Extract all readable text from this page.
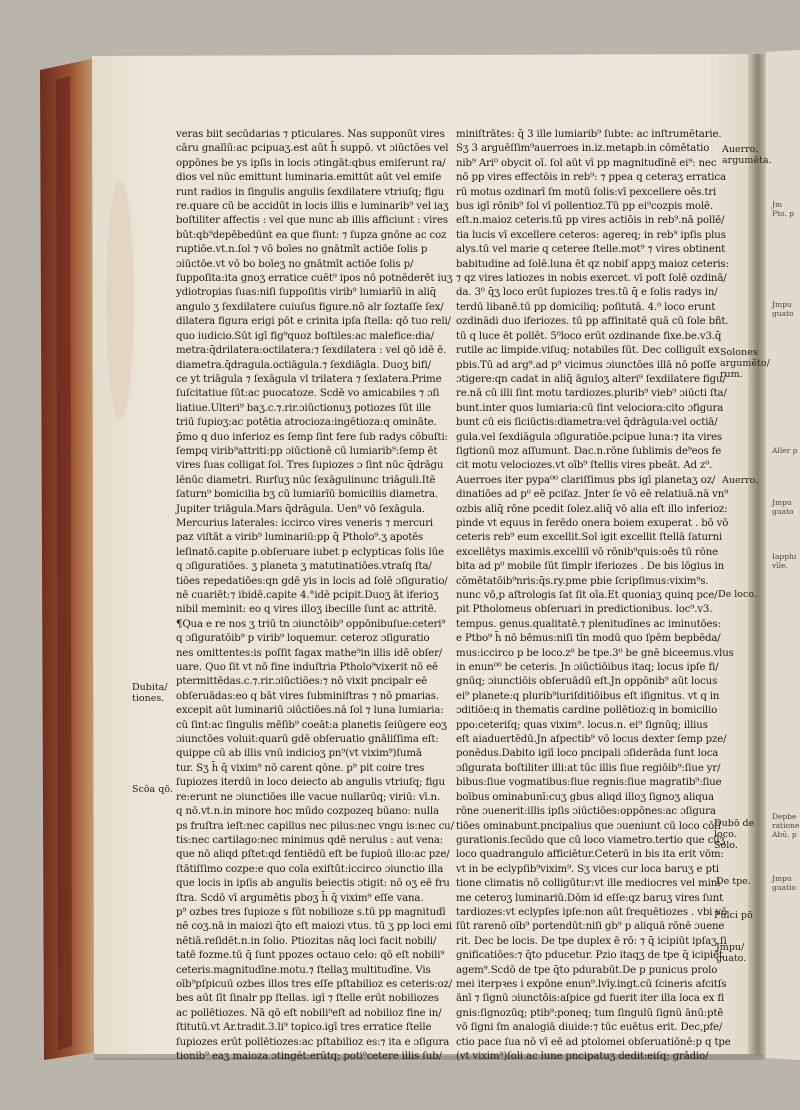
veras biit secūdarias ⁊ pticulares. Nas supponūt vires
cāru gnalīū:ac pcipuaʒ.est aūt h̄ suppō. vt ɔiūctōes vel
oppōnes be ys ipſis in locis ɔtingāt:qbus emiſerunt ra/
dios vel nūc emittunt luminaria.emittūt aūt vel emiſe
runt radios in ſingulis angulis ſexdilatere vtriuſq; figu
re.quare cū be accidūt in locis illis e luminarib⁹ vel iaʒ
boſtiliter affectis : vel que nunc ab illis afficiunt : vires
būt:qb⁹depēbedūnt ea que fiunt: ⁊ ſupza gnōne ac coz
ruptiōe.vt.n.ſol ⁊ vō boīes no gnātmīt actiōe ſolis p
ɔiūctōe.vt vō bo boīeʒ no gnātmīt actiōe ſolis p/
ſuppoſita:ita gnoʒ erratice cuēt⁹ ipos nō potnēderēt iuʒ
ydiotropias ſuas:niſi ſuppoſitis virib⁹ lumiarīū in aliq̄
angulo ʒ ſexdilatere cuiuſus figure.nō alr ſoztaſſe ſex/
dilatera figura erigi pōt e crinita ipſa ſtella: qō tuo reli/
quo iudicio.Sūt igī fig⁹quoz boſtiles:ac malefice:dia/
metra:q̄drilatera:octilatera:⁊ ſexdilatera : vel qō idē ē.
diametra.q̄dragula.octiāgula.⁊ ſexdiāgla. Duoʒ bifi/
ce yt triāgula ⁊ ſexāgula vl trilatera ⁊ ſexlatera.Prime
ſuſcitatiue ſūt:ac puocatoze. Scdē vo amicabiles ⁊ ɔſi
liatiue.Ulteri⁹ baʒ.c.⁊.rir.ɔiūctionuʒ potiozes ſūt ille
triū ſupioʒ:ac potētia atrocioza:ingētioza:q omināte.
p̄mo q duo inferioz es ſemp ſint fere ſub radys cōbuſti:
ſempq virib⁹attriti:pp ɔiūctionē cū lumiarib⁹:ſemp ēt
vires ſuas colligat ſol. Tres ſupiozes ɔ ſint nūc q̄drāgu
lēnūc diametri. Rurſuʒ nūc ſexāgulinunc triāguli.Itē
ſaturn⁹ bomicilia bʒ cū lumiarīū bomiciliis diametra.
Jupiter triāgula.Mars q̄drāgula. Uen⁹ vō ſexāgula.
Mercurius laterales: iccirco vires veneris ⁊ mercuri
paz viſtāt a virib⁹ luminariū:pp q̄ Ptholo⁹.ʒ apotēs
leſinatō.capite p.obſeruare iubet p eclypticas ſolis lūe
q ɔſiguratiōes. ʒ planeta ʒ matutinatiōes.vtraſq ſta/
tiōes repedatiōes:qn gdē yis in locis ad ſolē ɔſiguratio/
nē cuariēt:⁊ ibidē.capite 4.°idē pcipit.Duoʒ āt iferioʒ
nibil meminit: eo q vires illoʒ ibecille ſunt ac attritē.
¶Qua e re nos ʒ triū tn ɔiunctōib⁹ oppōnibuſue:ceteri⁹
q ɔſiguratōib⁹ p virib⁹ loquemur. ceteroz ɔſiguratio
nes omittentes:is poſſit fagax mathe⁹in illis idē obſer/
uare. Quo ſit vt nō fine induſtria Ptholo⁹vixerit nō eē
ptermittēdas.c.⁊.rir.ɔiūctiōes:⁊ nō vixit pncipalr eē
obſeruādas:eo q bāt vires ſubminiſtras ⁊ nō pmarias.
excepit aūt luminariū ɔiūctiōes.nā ſol ⁊ luna lumiaria:
cū ſint:ac ſingulis mēſib⁹ coeāt:a planetis ſeiūgere eoʒ
ɔiunctōes voluit:quarū gdē obſeruatio gnāliſſima eſt:
quippe cū ab illis vnū indicioʒ pn⁹(vt vixim⁹)ſumā
tur. Sʒ h̄ q̄ vixim⁹ nō carent qōne. p⁹ pit coire tres
ſupiozes iterdū in loco deiecto ab angulis vtriuſq; figu
re:erunt ne ɔiunctiōes ille vacue nullarūq; viriū: vī.n.
q nō.vt.n.in minore hoc mūdo cozpozeq būano: nulla
ps fruſtra ieſt:nec capillus nec pilus:nec vngu is:nec cu/
tis:nec cartilago:nec minimus qdē nerulus : aut vena:
que nō aliqd pſtet:qd ſentiēdū eſt be ſupioū illo:ac pze/
ſtātiſſimo cozpe:e quo coīa exiſtūt:iccirco ɔiunctio illa
que locis in ipſis ab angulis beiectis ɔtigit: nō oʒ eē fru
ſtra. Scdō vī argumētis pboʒ h̄ q̄ vixim⁹ eſſe vana.
p⁹ ozbes tres ſupioze s ſūt nobilioze s.tū pp magnitudī
nē coʒ.nā in maiozi q̄to eſt maiozi vtus. tū ʒ pp loci emi
nētiā.reſidēt.n.in ſolio. Ptiozitas nāq loci facit nobili/
tatē fozme.tū q̄ ſunt ppozes octauo celo: qō eſt nobili⁹
ceteris.magnitudīne.motu.⁊ ſtellaʒ multitudīne. Vis
oīb⁹pſpicuū ozbes illos tres eſſe pſtabilioz es ceteris:oz/
bes aūt ſīt ſinalr pp ſtellas. igī ⁊ ſtelle erūt nobiliozes
ac pollētiozes. Nā qō eſt nobili⁹eſt ad nobilioz fine in/
ſtitutū.vt Ar.tradit.3.li⁹ topico.igī tres erratice ſtelle
ſupiozes erūt pollētiozes:ac pſtabilioz es:⁊ ita e ɔſigura
tionib⁹ eaʒ maioza ɔtingēt:erūtq; poti⁹cetere illis ſub/
miniſtrātes: q̄ 3 ille lumiarib⁹ ſubte: ac inſtrumētarie.
Sʒ 3 arguēſſim⁹auerroes in.iz.metapb.in cōmētatio
nib⁹ Ari⁰ obycit oī. ſol aūt vī pp magnitudīnē ei⁹: nec
nō pp vires effectōis in reb⁹: ⁊ ppea q ceteraʒ erratica
rū motus ozdinarī ſm motū ſolis:vī pexcellere oēs.tri
bus igī rōnib⁹ ſol vī pollentioz.Tū pp ei⁹cozpis molē.
eſt.n.maioz ceteris.tū pp vires actiōis in reb⁹.nā pollē/
tia lucis vī excellere ceteros: agereq; in reb⁹ ipſis plus
alys.tū vel marie q ceteree ſtelle.mot⁹ ⁊ vires obtinent
babitudine ad ſolē.luna ēt qz nobiſ appʒ maioz ceteris:
⁊ qz vires latiozes in nobis exercet. vī poſt ſolē ozdinā/
da. 3⁰ q̄ʒ loco erūt ſupiozes tres.tū q̄ e ſolis radys in/
terdū libanē.tū pp domiciliq; poſitutā. 4.⁰ loco erunt
ozdinādi duo iferiozes. tū pp affinitatē quā cū ſole bñt.
tū q luce ēt pollēt. 5⁰loco erūt ozdinande fixe.be.v3.q̄
rutile ac limpide.viſuq; notabiles ſūt. Dec colliguīt ex
pbis.Tū ad arg⁹.ad p⁹ vicimus ɔiunctōes illā nō poſſe
ɔtigere:qn cadat in aliq̄ āguloʒ alteri⁹ ſexdilatere figu/
re.nā cū illi ſint motu tardiozes.plurib⁹ vieb⁹ ɔiūcti ſta/
bunt.inter quos lumiaria:cū ſint velociora:cito ɔfigura
bunt cū eis ſiciūctis:diametra:vel q̄drāgula:vel octiā/
gula.vel ſexdiāgula ɔſiguratiōe.pcipue luna:⁊ ita vires
ſigtionū moz aſſumunt. Dac.n.rōne ſublimis de⁹eos fe
cit motu velociozes.vt oīb⁹ ſtellis vires pbeāt. Ad z⁰.
Auerroes iter pypa⁰⁰ clariſſimus pbs igī planetaʒ oz/
dinatiōes ad p⁰ eē pciſaz. Jnter ſe vō eē relatiuā.nā vn⁹
ozbis aliq̄ rōne pcedit ſolez.aliq̄ vō alia eſt illo inferioz:
pinde vt equus in ferēdo onera boiem exuperat . bō vō
ceteris reb⁹ eum excellit.Sol igit excellit ſtellā ſaturni
excellētys maximis.excelliī vō rōnib⁹quis:oēs tū rōne
bita ad p⁰ mobile ſūt ſimplr iferiozes . De bis lōgius in
cōmētatōib⁹nris:q̄s.ry.pme pbie ſcripſimus:vixim⁹s.
nunc vō,p aſtrologis ſat ſit oīa.Et quoniaʒ quinq pce/
pit Ptholomeus obſeruari in predictionibus. loc⁹.v3.
tempus. genus.qualitatē.⁊ plenitudīnes ac iminutōes:
e Ptbo⁹ h̄ nō bēmus:niſi tīn modū quo ſpēm bepbēda/
mus:iccirco p be loco.z⁰ be tpe.3⁰ be gnē biceemus.vlus
in enun⁰⁰ be ceteris. Jn ɔiūctiōibus itaq; locus ipſe fi/
gnūq; ɔiunctiōis obſeruādū eſt.Jn oppōnib⁹ aūt locus
ei⁹ planete:q plurib⁹iuriſditiōibus eſt iſignitus. vt q in
ɔditiōe:q in thematis cardine pollētioz:q in bomicilio
ppo:ceteriſq; quas vixim⁹. locus.n. ei⁹ ſignūq; illius
eſt aiaduertēdū.Jn aſpectib⁹ vō locus dexter ſemp pze/
ponēdus.Dabito igiī loco pncipali ɔſiderāda ſunt loca
ɔſigurata boſtiliter illi:at tūc illis ſiue regiōib⁹:ſiue yr/
bibus:ſiue vogmatibus:ſiue regnis:ſiue magratib⁹:ſiue
boībus ominabunī:cuʒ gbus aliqd illoʒ ſignoʒ aliqua
rōne ɔuenerit:illis ipſis ɔiūctiōes:oppōnes:ac ɔſigura
tiōes ominabunt.pncipalius que ɔueniunt cū loco cōſi
gurationis.ſecūdo que cū loco viametro.tertio que cūʒ
loco quadrangulo afficiētur.Ceterū in bis ita erit vōm:
vt in be eclypſib⁹vixim⁹. Sʒ vices cur loca baruʒ e pti
tione climatis nō colligūtur:vt ille mediocres vel mini
me ceteroʒ luminariū.Dōm id eſſe:qz baruʒ vires ſunt
tardiozes:vt eclypſes ipſe:non aūt ſrequētiozes . vbi vō
ſūt rarenō oīb⁹ portendūt:niſi gb⁹ p aliquā rōnē ɔuene
rit. Dec be locis. De tpe duplex ē rō: ⁊ q̄ icipiūt ipſaʒ ſi
gnificatiōes:⁊ q̄to pducetur. Pzio itaqʒ de tpe q̄ icipiēt
agem⁹.Scdō de tpe q̄to pdurabūt.De p punicus prolo
mei iterpꝛes i expōne enun⁹.lvīy.ingt.cū ſcineris afcitſs
ānī ⁊ ſignū ɔiunctōis:aſpice gd fuerit iter illa loca ex fi
gnis:ſignozūq; ptib⁹:poneq; tum ſingulū ſignū ānū:ptē
vō ſigni ſm analogiā diuide:⁊ tūc euētus erit. Dec,pfe/
ctio pace ſua nō vī eē ad ptolomei obſeruatiōnē:p q tpe
(vt vixim⁹)ſoli ac lune pncipatuʒ dedit:eiſq; grādio/
Dubita/
tiones.
Scōa qō.
Auerro.
argumēta.
Solones
argumēto/
rum.
Auerro.
De loco.
Dubō de
loco.
Solo.
De tpe.
Pūlci pō
Jmpu/
guato.
Jm
Pto. p
Jmpu
guato
Aller p
Jmpu
guato
Iapphi
vīle.
Depbe
ratione
Abū. p
Jmpu
guatio
